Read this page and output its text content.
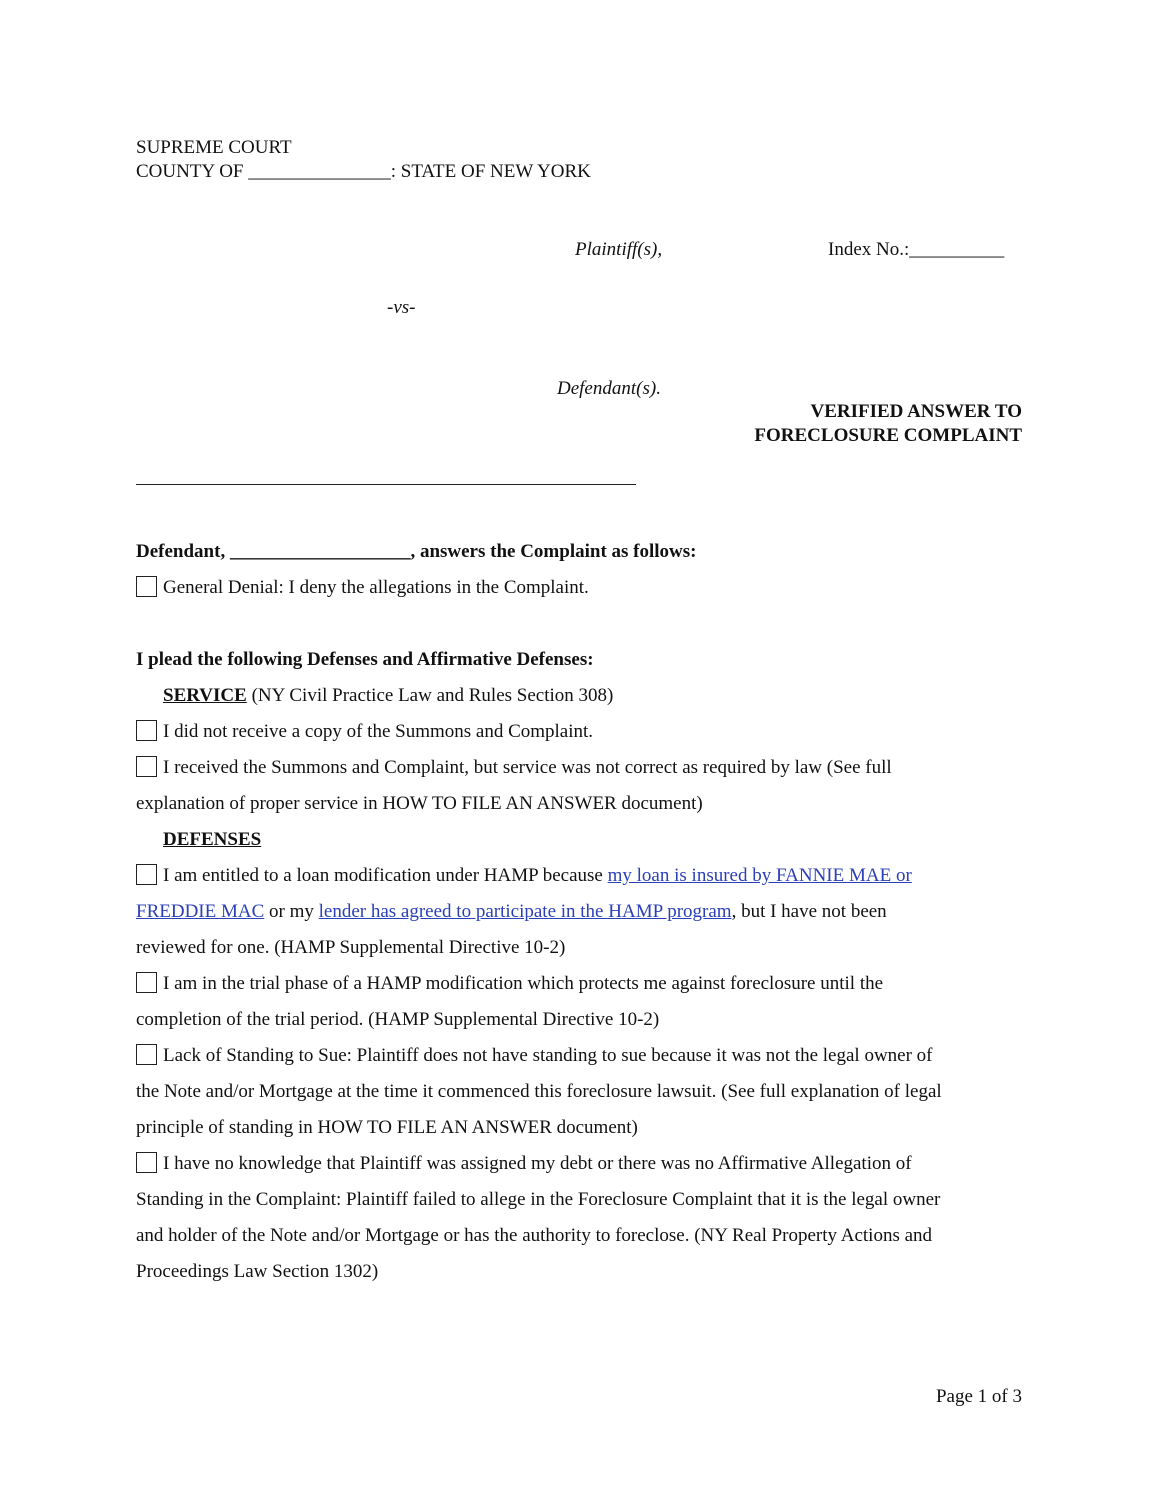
SUPREME COURT
COUNTY OF _______________: STATE OF NEW YORK
Plaintiff(s),	Index No.:__________
-vs-
Defendant(s).
VERIFIED ANSWER TO
FORECLOSURE COMPLAINT
Defendant, ___________________, answers the Complaint as follows:
General Denial: I deny the allegations in the Complaint.
I plead the following Defenses and Affirmative Defenses:
SERVICE (NY Civil Practice Law and Rules Section 308)
I did not receive a copy of the Summons and Complaint.
I received the Summons and Complaint, but service was not correct as required by law (See full
explanation of proper service in HOW TO FILE AN ANSWER document)
DEFENSES
I am entitled to a loan modification under HAMP because my loan is insured by FANNIE MAE or
FREDDIE MAC or my lender has agreed to participate in the HAMP program, but I have not been
reviewed for one. (HAMP Supplemental Directive 10-2)
I am in the trial phase of a HAMP modification which protects me against foreclosure until the
completion of the trial period. (HAMP Supplemental Directive 10-2)
Lack of Standing to Sue: Plaintiff does not have standing to sue because it was not the legal owner of
the Note and/or Mortgage at the time it commenced this foreclosure lawsuit. (See full explanation of legal
principle of standing in HOW TO FILE AN ANSWER document)
I have no knowledge that Plaintiff was assigned my debt or there was no Affirmative Allegation of
Standing in the Complaint: Plaintiff failed to allege in the Foreclosure Complaint that it is the legal owner
and holder of the Note and/or Mortgage or has the authority to foreclose. (NY Real Property Actions and
Proceedings Law Section 1302)
Page 1 of 3
